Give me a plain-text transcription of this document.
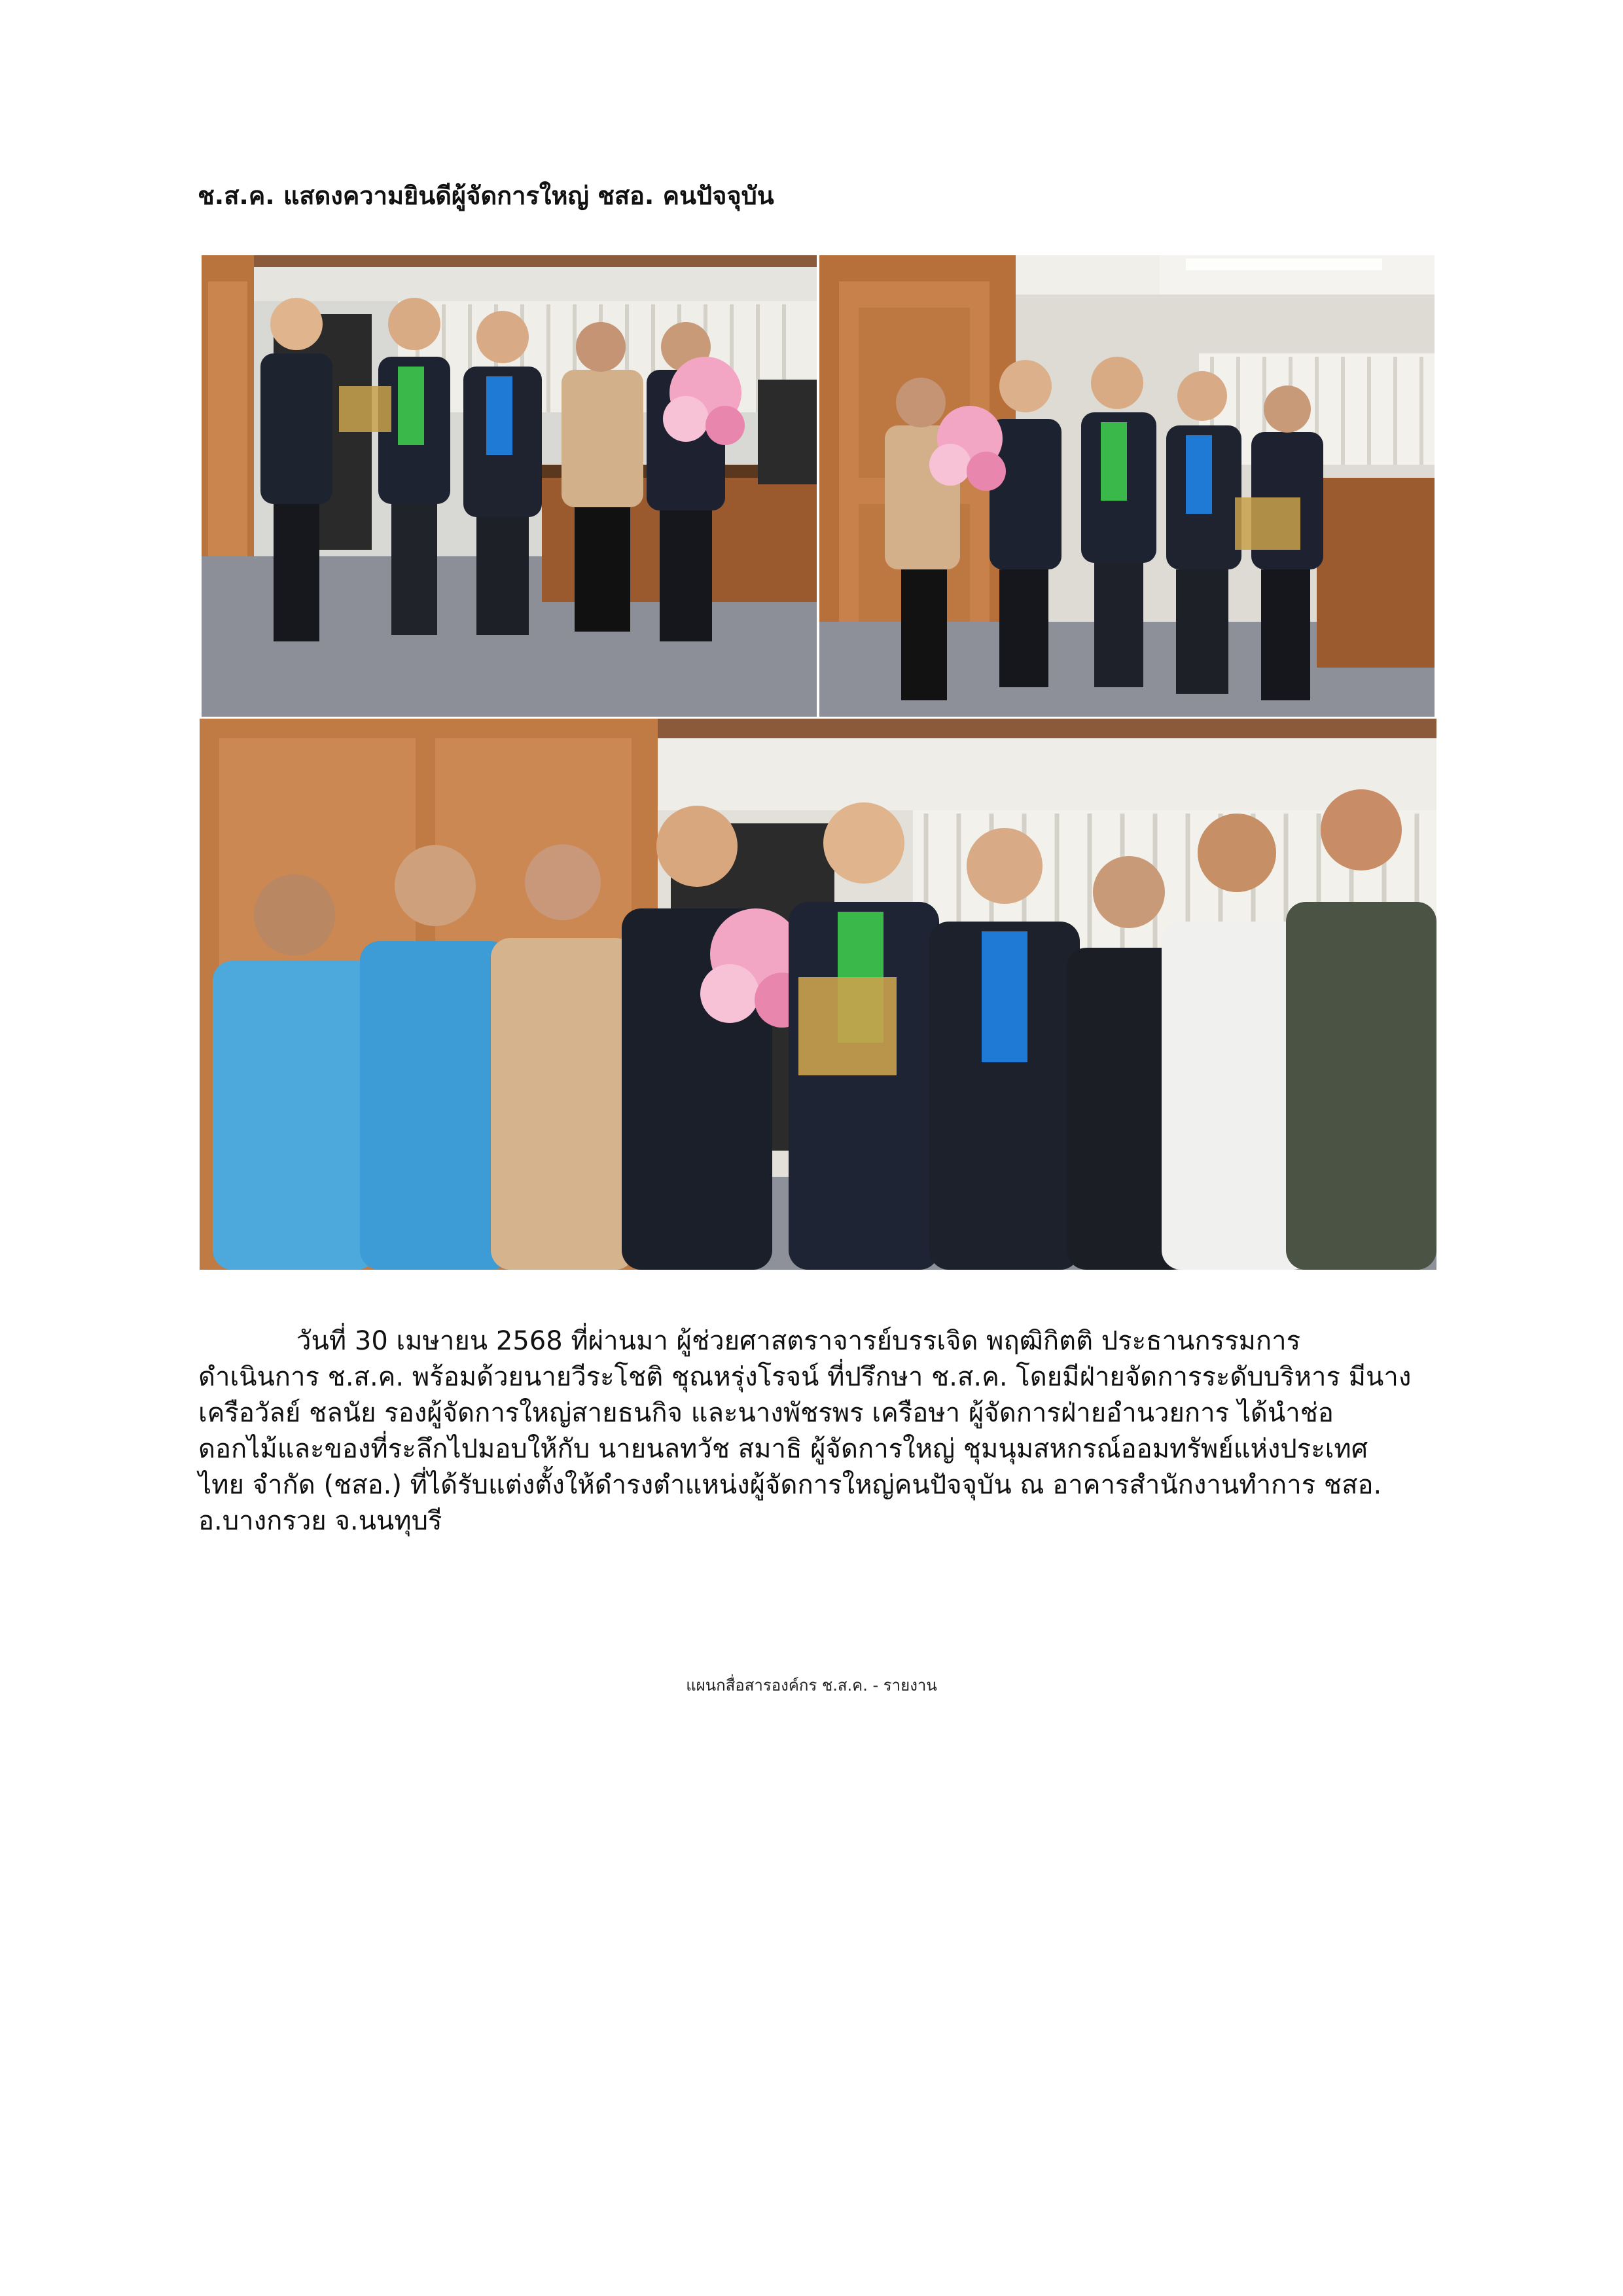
ช.ส.ค. แสดงความยินดีผู้จัดการใหญ่ ชสอ. คนปัจจุบัน
วันที่ 30 เมษายน 2568 ที่ผ่านมา ผู้ช่วยศาสตราจารย์บรรเจิด พฤฒิกิตติ ประธานกรรมการ
ดำเนินการ ช.ส.ค. พร้อมด้วยนายวีระโชติ ชุณหรุ่งโรจน์ ที่ปรึกษา ช.ส.ค. โดยมีฝ่ายจัดการระดับบริหาร มีนาง
เครือวัลย์ ชลนัย รองผู้จัดการใหญ่สายธนกิจ และนางพัชรพร เครือษา ผู้จัดการฝ่ายอำนวยการ ได้นำช่อ
ดอกไม้และของที่ระลึกไปมอบให้กับ นายนลทวัช สมาธิ ผู้จัดการใหญ่ ชุมนุมสหกรณ์ออมทรัพย์แห่งประเทศ
ไทย จำกัด (ชสอ.) ที่ได้รับแต่งตั้งให้ดำรงตำแหน่งผู้จัดการใหญ่คนปัจจุบัน ณ อาคารสำนักงานทำการ ชสอ.
อ.บางกรวย จ.นนทุบรี
แผนกสื่อสารองค์กร ช.ส.ค. - รายงาน
